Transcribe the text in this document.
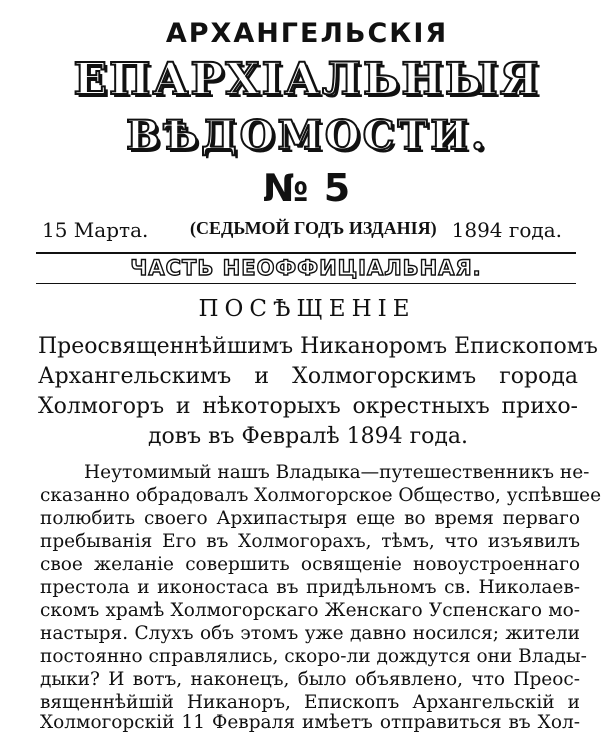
АРХАНГЕЛЬСКІЯ
ЕПАРХІАЛЬНЫЯ
ВѢДОМОСТИ.
№ 5
15 Марта. (СЕДЬМОЙ ГОДЪ ИЗДАНІЯ) 1894 года.
ЧАСТЬ НЕОФФИЦІАЛЬНАЯ.
ПОСѢЩЕНІЕ
Преосвященнѣйшимъ Никаноромъ Епископомъ
Архангельскимъ и Холмогорскимъ города
Холмогоръ и нѣкоторыхъ окрестныхъ прихо-
довъ въ Февралѣ 1894 года.
Неутомимый нашъ Владыка—путешественникъ не-
сказанно обрадовалъ Холмогорское Общество, успѣвшее
полюбить своего Архипастыря еще во время перваго
пребыванія Его въ Холмогорахъ, тѣмъ, что изъявилъ
свое желаніе совершить освященіе новоустроеннаго
престола и иконостаса въ придѣльномъ св. Николаев-
скомъ храмѣ Холмогорскаго Женскаго Успенскаго мо-
настыря. Слухъ объ этомъ уже давно носился; жители
постоянно справлялись, скоро-ли дождутся они Влады-
дыки? И вотъ, наконецъ, было объявлено, что Преос-
вященнѣйшій Никаноръ, Епископъ Архангельскій и
Холмогорскій 11 Февраля имѣетъ отправиться въ Хол-
